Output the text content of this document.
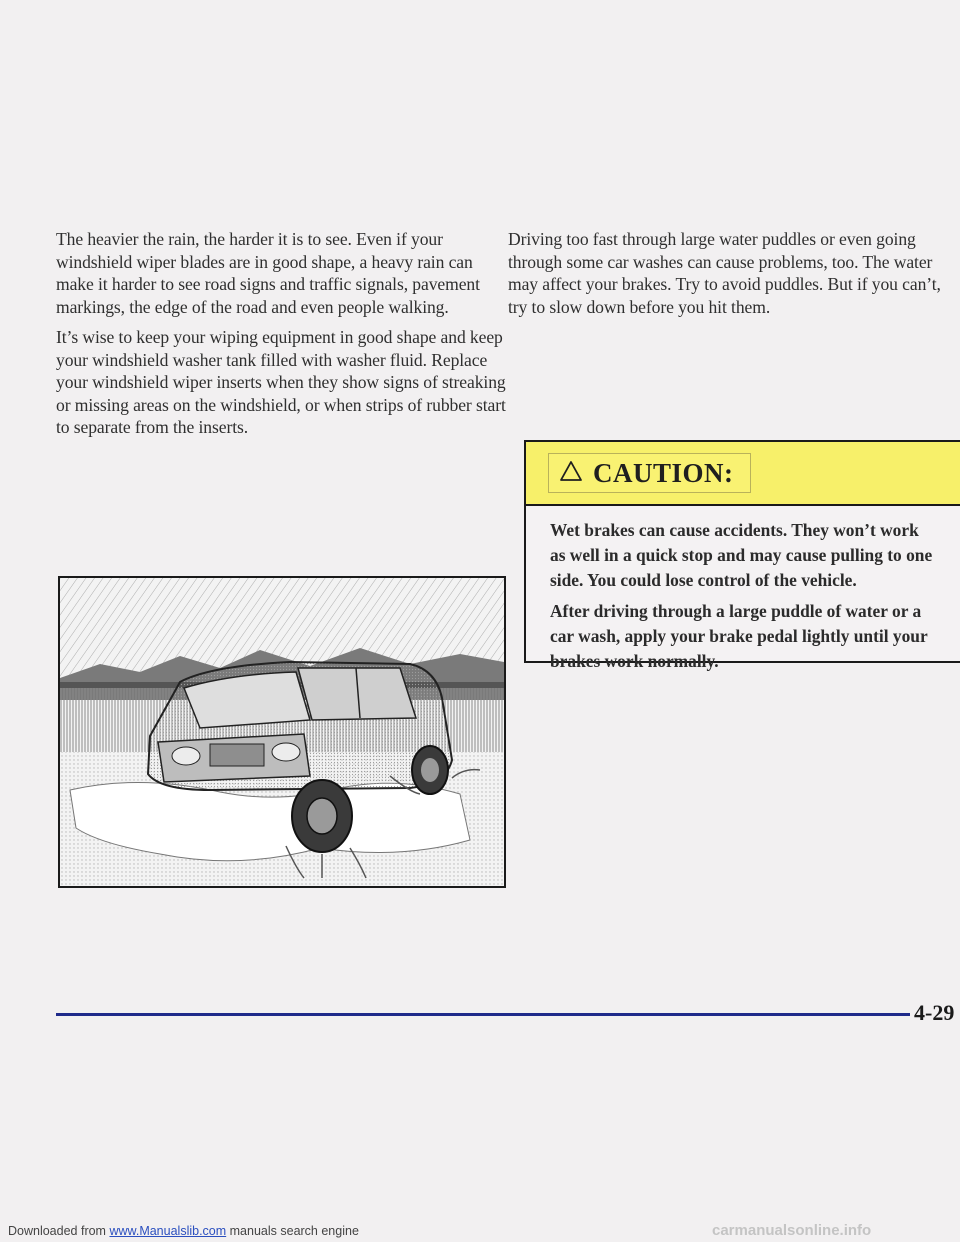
The heavier the rain, the harder it is to see. Even if your windshield wiper blades are in good shape, a heavy rain can make it harder to see road signs and traffic signals, pavement markings, the edge of the road and even people walking.

It’s wise to keep your wiping equipment in good shape and keep your windshield washer tank filled with washer fluid. Replace your windshield wiper inserts when they show signs of streaking or missing areas on the windshield, or when strips of rubber start to separate from the inserts.

Driving too fast through large water puddles or even going through some car washes can cause problems, too. The water may affect your brakes. Try to avoid puddles. But if you can’t, try to slow down before you hit them.

CAUTION:

Wet brakes can cause accidents. They won’t work as well in a quick stop and may cause pulling to one side. You could lose control of the vehicle.

After driving through a large puddle of water or a car wash, apply your brake pedal lightly until your brakes work normally.

4-29
Downloaded from www.Manualslib.com manuals search engine	carmanualsonline.info
